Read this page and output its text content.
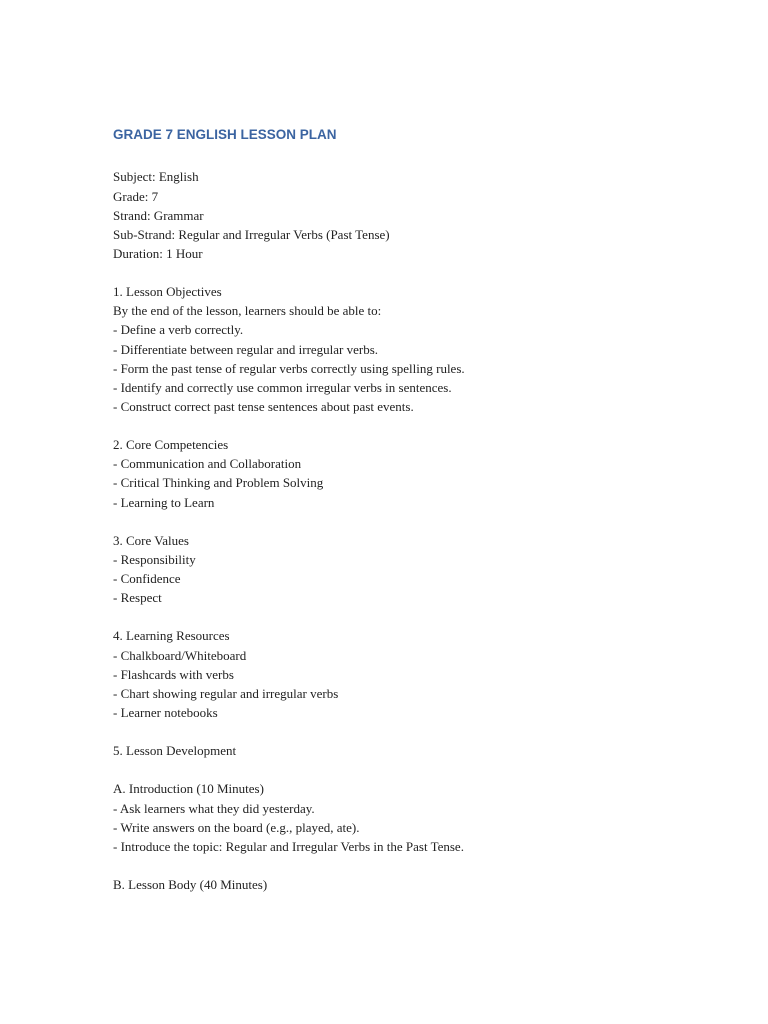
GRADE 7 ENGLISH LESSON PLAN
Subject: English
Grade: 7
Strand: Grammar
Sub-Strand: Regular and Irregular Verbs (Past Tense)
Duration: 1 Hour
1. Lesson Objectives
By the end of the lesson, learners should be able to:
- Define a verb correctly.
- Differentiate between regular and irregular verbs.
- Form the past tense of regular verbs correctly using spelling rules.
- Identify and correctly use common irregular verbs in sentences.
- Construct correct past tense sentences about past events.
2. Core Competencies
- Communication and Collaboration
- Critical Thinking and Problem Solving
- Learning to Learn
3. Core Values
- Responsibility
- Confidence
- Respect
4. Learning Resources
- Chalkboard/Whiteboard
- Flashcards with verbs
- Chart showing regular and irregular verbs
- Learner notebooks
5. Lesson Development
A. Introduction (10 Minutes)
- Ask learners what they did yesterday.
- Write answers on the board (e.g., played, ate).
- Introduce the topic: Regular and Irregular Verbs in the Past Tense.
B. Lesson Body (40 Minutes)
